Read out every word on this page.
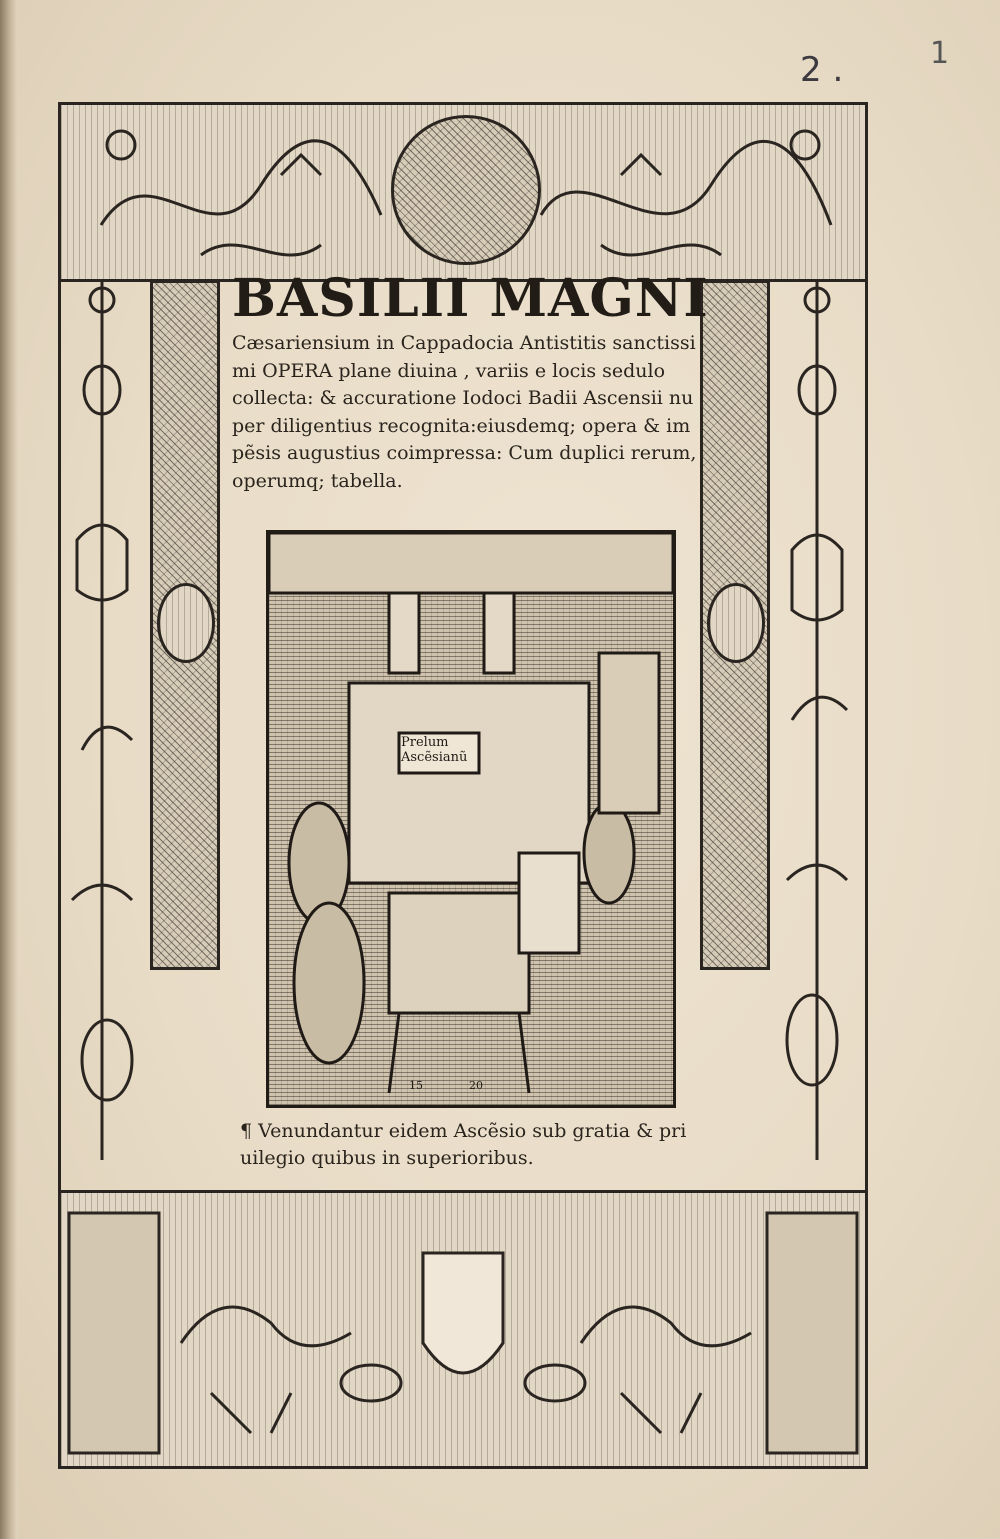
1
2 .
BASILII MAGNI
Cæsariensium in Cappadocia Antistitis sanctissi
mi OPERA plane diuina , variis e locis sedulo
collecta: & accuratione Iodoci Badii Ascensii nu
per diligentius recognita:eiusdemq; opera & im
pẽsis augustius coimpressa: Cum duplici rerum,
operumq; tabella.
Prelum
Ascẽsianũ
15	20
¶ Venundantur eidem Ascẽsio sub gratia & pri
uilegio quibus in superioribus.
